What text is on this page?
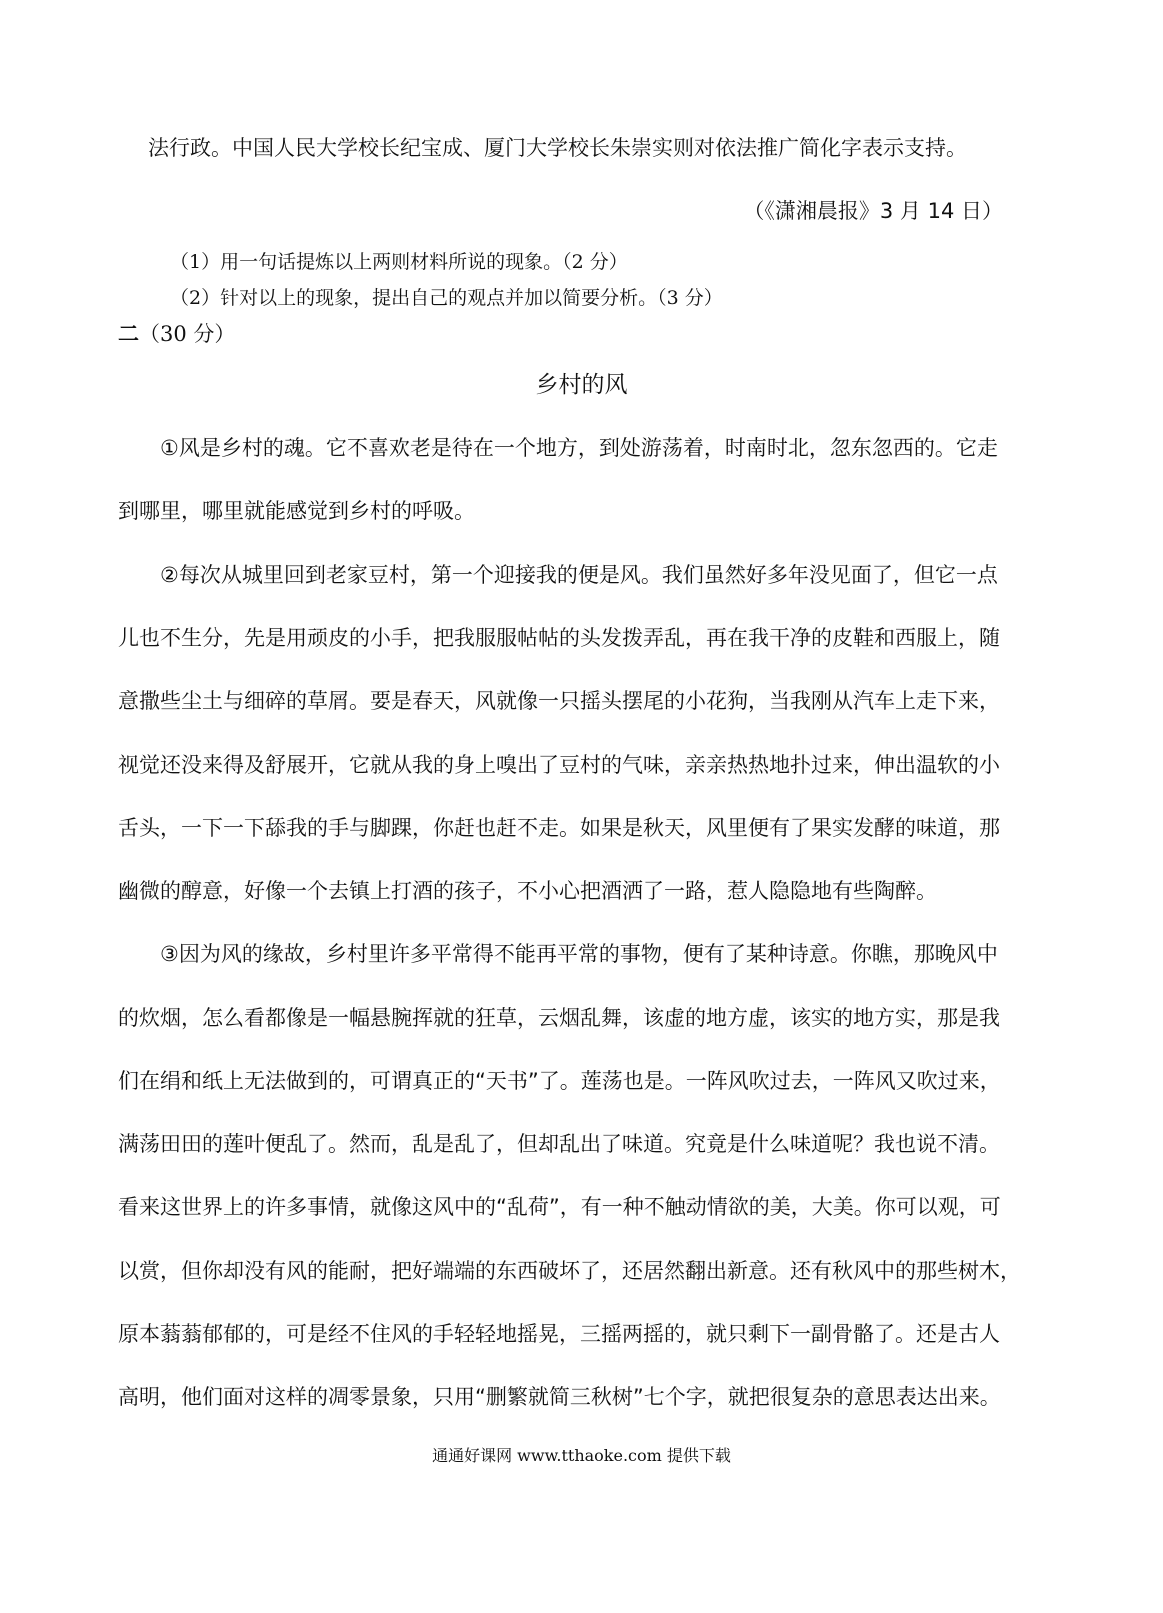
法行政。中国人民大学校长纪宝成、厦门大学校长朱崇实则对依法推广简化字表示支持。
（《潇湘晨报》3 月 14 日）
（1）用一句话提炼以上两则材料所说的现象。（2 分）
（2）针对以上的现象，提出自己的观点并加以简要分析。（3 分）
二（30 分）
乡村的风
①风是乡村的魂。它不喜欢老是待在一个地方，到处游荡着，时南时北，忽东忽西的。它走
到哪里，哪里就能感觉到乡村的呼吸。
②每次从城里回到老家豆村，第一个迎接我的便是风。我们虽然好多年没见面了，但它一点
儿也不生分，先是用顽皮的小手，把我服服帖帖的头发拨弄乱，再在我干净的皮鞋和西服上，随
意撒些尘土与细碎的草屑。要是春天，风就像一只摇头摆尾的小花狗，当我刚从汽车上走下来，
视觉还没来得及舒展开，它就从我的身上嗅出了豆村的气味，亲亲热热地扑过来，伸出温软的小
舌头，一下一下舔我的手与脚踝，你赶也赶不走。如果是秋天，风里便有了果实发酵的味道，那
幽微的醇意，好像一个去镇上打酒的孩子，不小心把酒洒了一路，惹人隐隐地有些陶醉。
③因为风的缘故，乡村里许多平常得不能再平常的事物，便有了某种诗意。你瞧，那晚风中
的炊烟，怎么看都像是一幅悬腕挥就的狂草，云烟乱舞，该虚的地方虚，该实的地方实，那是我
们在绢和纸上无法做到的，可谓真正的“天书”了。莲荡也是。一阵风吹过去，一阵风又吹过来，
满荡田田的莲叶便乱了。然而，乱是乱了，但却乱出了味道。究竟是什么味道呢？我也说不清。
看来这世界上的许多事情，就像这风中的“乱荷”，有一种不触动情欲的美，大美。你可以观，可
以赏，但你却没有风的能耐，把好端端的东西破坏了，还居然翻出新意。还有秋风中的那些树木，
原本蓊蓊郁郁的，可是经不住风的手轻轻地摇晃，三摇两摇的，就只剩下一副骨骼了。还是古人
高明，他们面对这样的凋零景象，只用“删繁就简三秋树”七个字，就把很复杂的意思表达出来。
通通好课网 www.tthaoke.com 提供下载
